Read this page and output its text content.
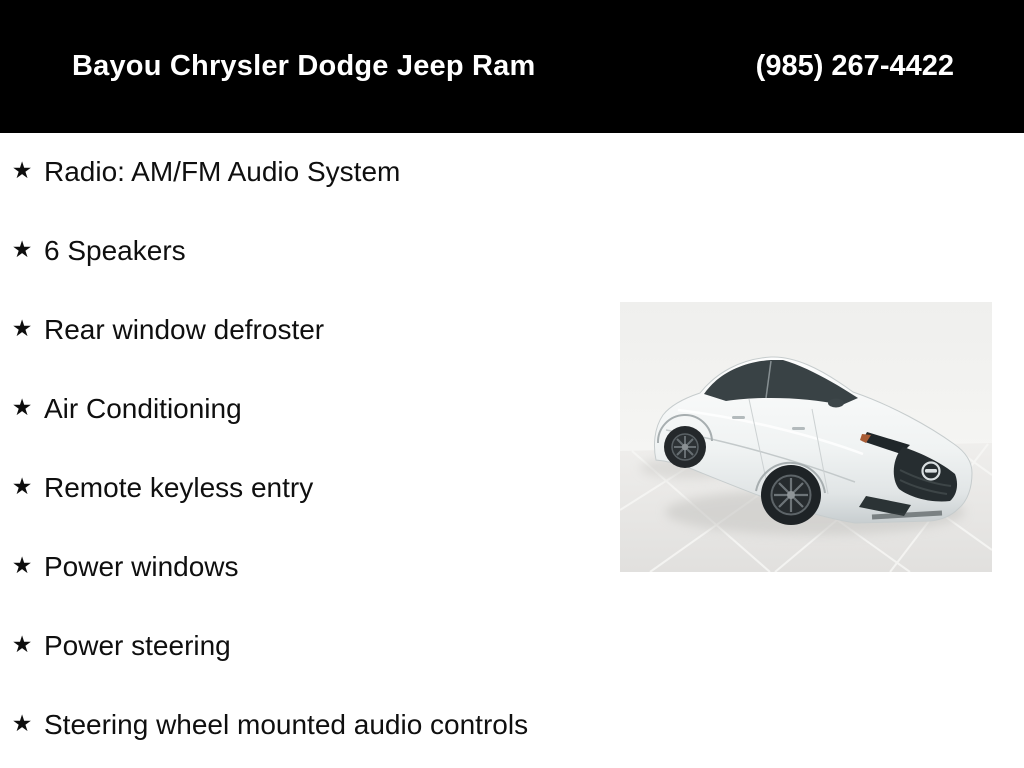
Bayou Chrysler Dodge Jeep Ram	(985) 267-4422
★ Radio: AM/FM Audio System
★ 6 Speakers
★ Rear window defroster
★ Air Conditioning
★ Remote keyless entry
★ Power windows
★ Power steering
★ Steering wheel mounted audio controls
